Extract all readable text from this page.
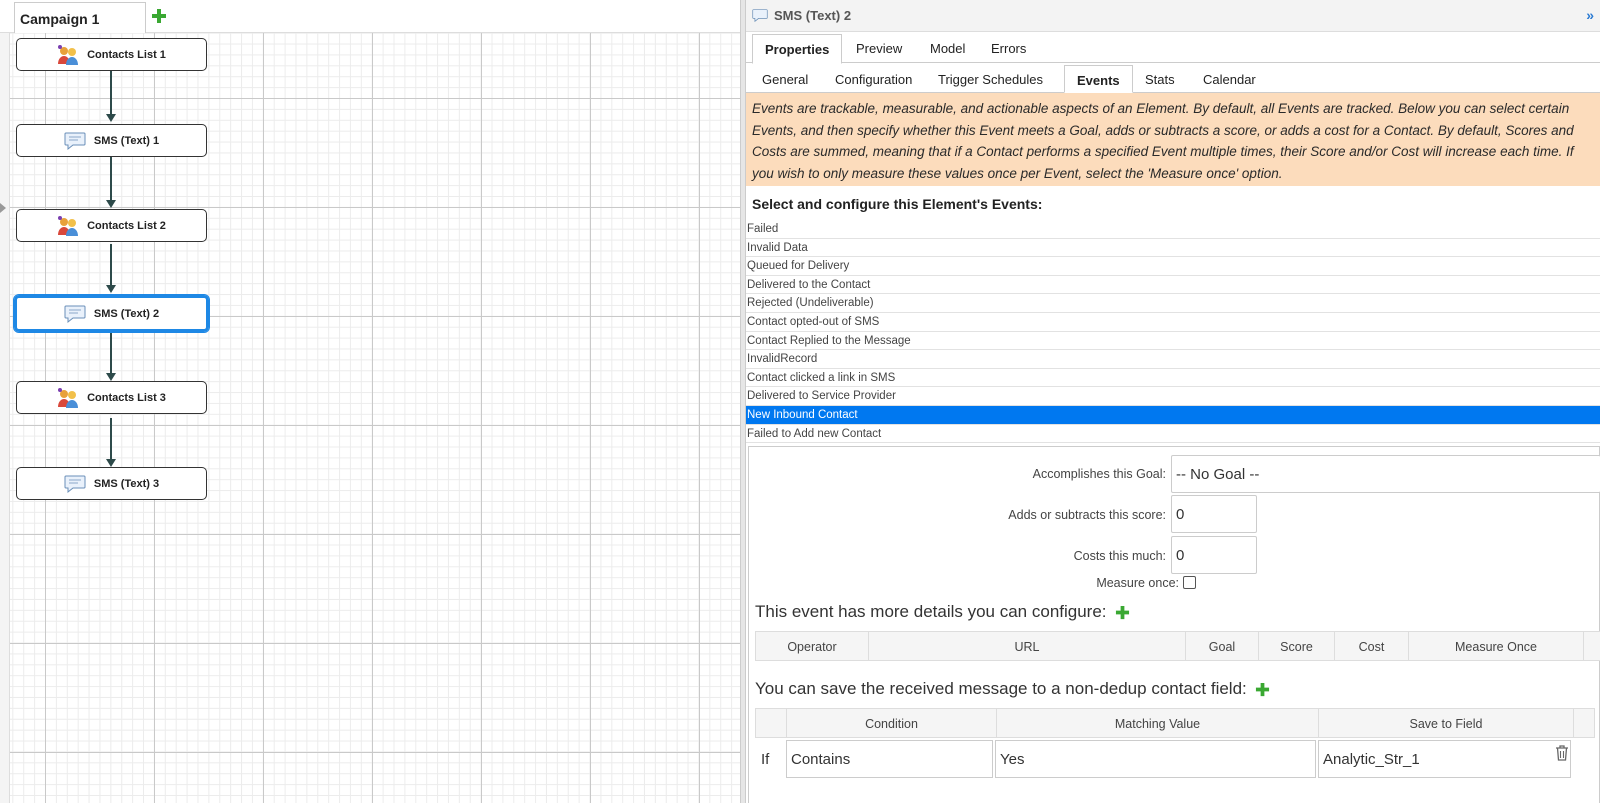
Campaign 1
Contacts List 1
SMS (Text) 1
Contacts List 2
SMS (Text) 2
Contacts List 3
SMS (Text) 3
SMS (Text) 2	»
Properties	Preview	Model	Errors
General	Configuration	Trigger Schedules	Events	Stats	Calendar
Events are trackable, measurable, and actionable aspects of an Element. By default, all Events are tracked. Below you can select certain Events, and then specify whether this Event meets a Goal, adds or subtracts a score, or adds a cost for a Contact. By default, Scores and Costs are summed, meaning that if a Contact performs a specified Event multiple times, their Score and/or Cost will increase each time. If you wish to only measure these values once per Event, select the 'Measure once' option.
Select and configure this Element's Events:
Failed
Invalid Data
Queued for Delivery
Delivered to the Contact
Rejected (Undeliverable)
Contact opted-out of SMS
Contact Replied to the Message
InvalidRecord
Contact clicked a link in SMS
Delivered to Service Provider
New Inbound Contact
Failed to Add new Contact
Accomplishes this Goal: -- No Goal --
Adds or subtracts this score: 0
Costs this much: 0
Measure once:
This event has more details you can configure:
Operator	URL	Goal	Score	Cost	Measure Once
You can save the received message to a non-dedup contact field:
Condition	Matching Value	Save to Field
If	Contains	Yes	Analytic_Str_1
